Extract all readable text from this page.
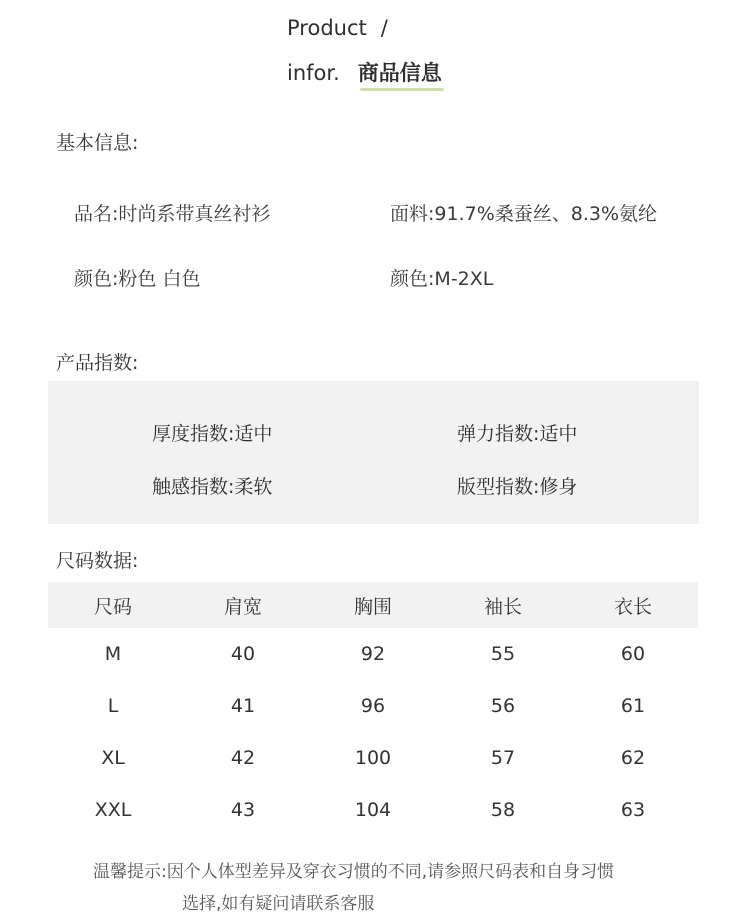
Product /
infor. 商品信息
基本信息:
品名:时尚系带真丝衬衫	面料:91.7%桑蚕丝、8.3%氨纶
颜色:粉色 白色	颜色:M-2XL
产品指数:
厚度指数:适中	弹力指数:适中
触感指数:柔软	版型指数:修身
尺码数据:
尺码	肩宽	胸围	袖长	衣长
M	40	92	55	60
L	41	96	56	61
XL	42	100	57	62
XXL	43	104	58	63
温馨提示:因个人体型差异及穿衣习惯的不同,请参照尺码表和自身习惯
选择,如有疑问请联系客服
